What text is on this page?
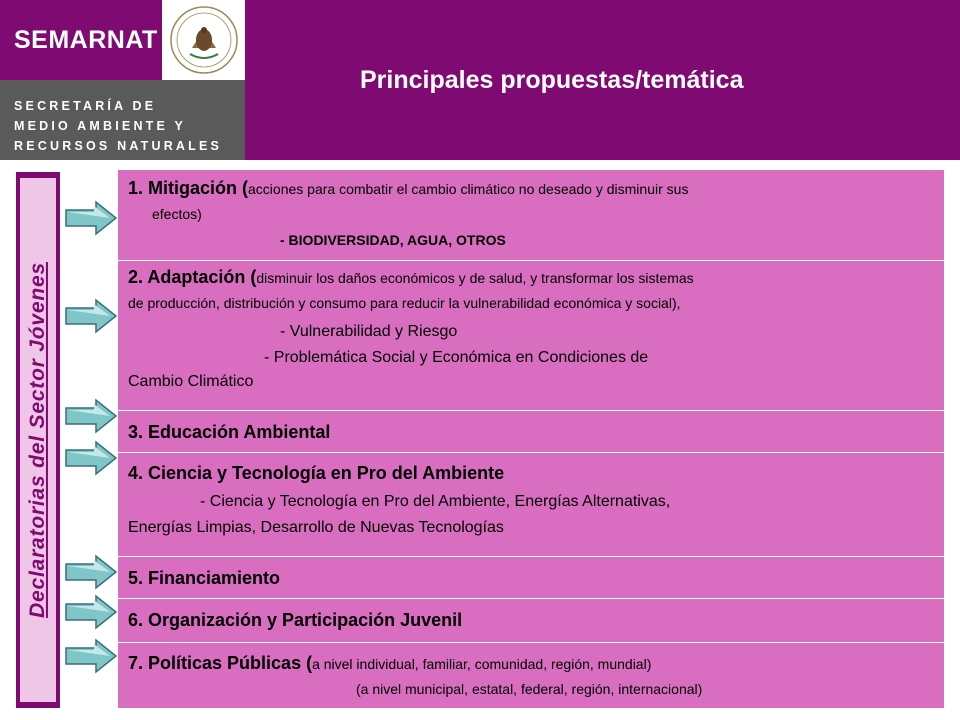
SEMARNAT
SECRETARÍA DE
MEDIO AMBIENTE Y
RECURSOS NATURALES
Principales propuestas/temática
Declaratorias del Sector Jóvenes
1. Mitigación (acciones para combatir el cambio climático no deseado y disminuir sus
efectos)
- BIODIVERSIDAD, AGUA, OTROS
2. Adaptación (disminuir los daños económicos y de salud, y transformar los sistemas
de producción, distribución y consumo para reducir la vulnerabilidad económica y social),
- Vulnerabilidad y Riesgo
- Problemática Social y Económica en Condiciones de
Cambio Climático
3. Educación Ambiental
4. Ciencia y Tecnología en Pro del Ambiente
- Ciencia y Tecnología en Pro del Ambiente, Energías Alternativas,
Energías Limpias, Desarrollo de Nuevas Tecnologías
5. Financiamiento
6. Organización y Participación Juvenil
7. Políticas Públicas (a nivel individual, familiar, comunidad, región, mundial)
(a nivel municipal, estatal, federal, región, internacional)
